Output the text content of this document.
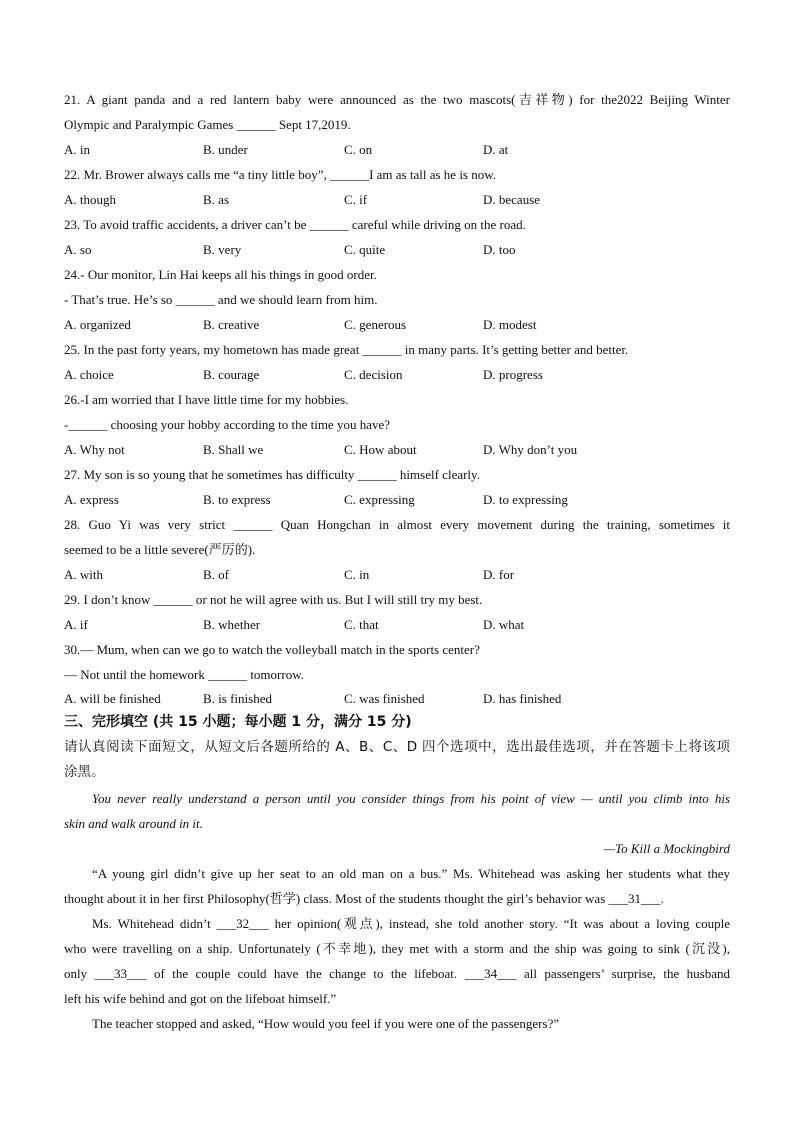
21. A giant panda and a red lantern baby were announced as the two mascots(吉祥物) for the2022 Beijing Winter
Olympic and Paralympic Games ______ Sept 17,2019.
A. in	B. under	C. on	D. at
22. Mr. Brower always calls me “a tiny little boy”, ______I am as tall as he is now.
A. though	B. as	C. if	D. because
23. To avoid traffic accidents, a driver can’t be ______ careful while driving on the road.
A. so	B. very	C. quite	D. too
24.- Our monitor, Lin Hai keeps all his things in good order.
- That’s true. He’s so ______ and we should learn from him.
A. organized	B. creative	C. generous	D. modest
25. In the past forty years, my hometown has made great ______ in many parts. It’s getting better and better.
A. choice	B. courage	C. decision	D. progress
26.-I am worried that I have little time for my hobbies.
-______ choosing your hobby according to the time you have?
A. Why not	B. Shall we	C. How about	D. Why don’t you
27. My son is so young that he sometimes has difficulty ______ himself clearly.
A. express	B. to express	C. expressing	D. to expressing
28. Guo Yi was very strict ______ Quan Hongchan in almost every movement during the training, sometimes it
seemed to be a little severe(严厉的).
A. with	B. of	C. in	D. for
29. I don’t know ______ or not he will agree with us. But I will still try my best.
A. if	B. whether	C. that	D. what
30.— Mum, when can we go to watch the volleyball match in the sports center?
— Not until the homework ______ tomorrow.
A. will be finished	B. is finished	C. was finished	D. has finished
三、完形填空 (共 15 小题；每小题 1 分，满分 15 分)
请认真阅读下面短文，从短文后各题所给的 A、B、C、D 四个选项中，选出最佳选项，并在答题卡上将该项
涂黑。
You never really understand a person until you consider things from his point of view — until you climb into his
skin and walk around in it.
—To Kill a Mockingbird
“A young girl didn’t give up her seat to an old man on a bus.” Ms. Whitehead was asking her students what they
thought about it in her first Philosophy(哲学) class. Most of the students thought the girl’s behavior was ___31___.
Ms. Whitehead didn’t ___32___ her opinion(观点), instead, she told another story. “It was about a loving couple
who were travelling on a ship. Unfortunately (不幸地), they met with a storm and the ship was going to sink (沉没),
only ___33___ of the couple could have the change to the lifeboat. ___34___ all passengers’ surprise, the husband
left his wife behind and got on the lifeboat himself.”
The teacher stopped and asked, “How would you feel if you were one of the passengers?”
